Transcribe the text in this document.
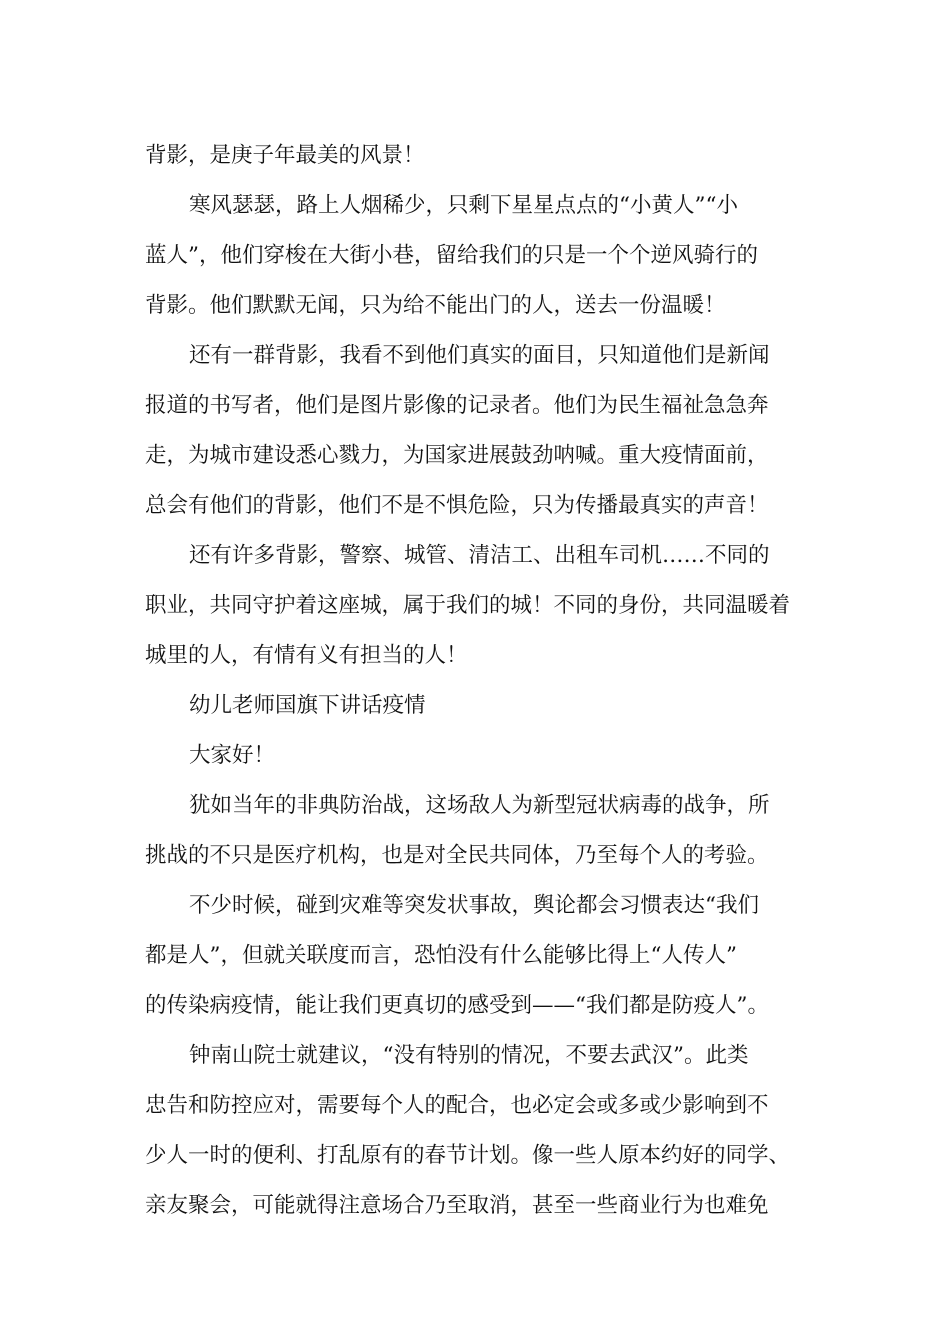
背影，是庚子年最美的风景！
寒风瑟瑟，路上人烟稀少，只剩下星星点点的“小黄人”“小
蓝人”，他们穿梭在大街小巷，留给我们的只是一个个逆风骑行的
背影。他们默默无闻，只为给不能出门的人，送去一份温暖！
还有一群背影，我看不到他们真实的面目，只知道他们是新闻
报道的书写者，他们是图片影像的记录者。他们为民生福祉急急奔
走，为城市建设悉心戮力，为国家进展鼓劲呐喊。重大疫情面前，
总会有他们的背影，他们不是不惧危险，只为传播最真实的声音！
还有许多背影，警察、城管、清洁工、出租车司机……不同的
职业，共同守护着这座城，属于我们的城！不同的身份，共同温暖着
城里的人，有情有义有担当的人！
幼儿老师国旗下讲话疫情
大家好！
犹如当年的非典防治战，这场敌人为新型冠状病毒的战争，所
挑战的不只是医疗机构，也是对全民共同体，乃至每个人的考验。
不少时候，碰到灾难等突发状事故，舆论都会习惯表达“我们
都是人”，但就关联度而言，恐怕没有什么能够比得上“人传人”
的传染病疫情，能让我们更真切的感受到——“我们都是防疫人”。
钟南山院士就建议，“没有特别的情况，不要去武汉”。此类
忠告和防控应对，需要每个人的配合，也必定会或多或少影响到不
少人一时的便利、打乱原有的春节计划。像一些人原本约好的同学、
亲友聚会，可能就得注意场合乃至取消，甚至一些商业行为也难免
